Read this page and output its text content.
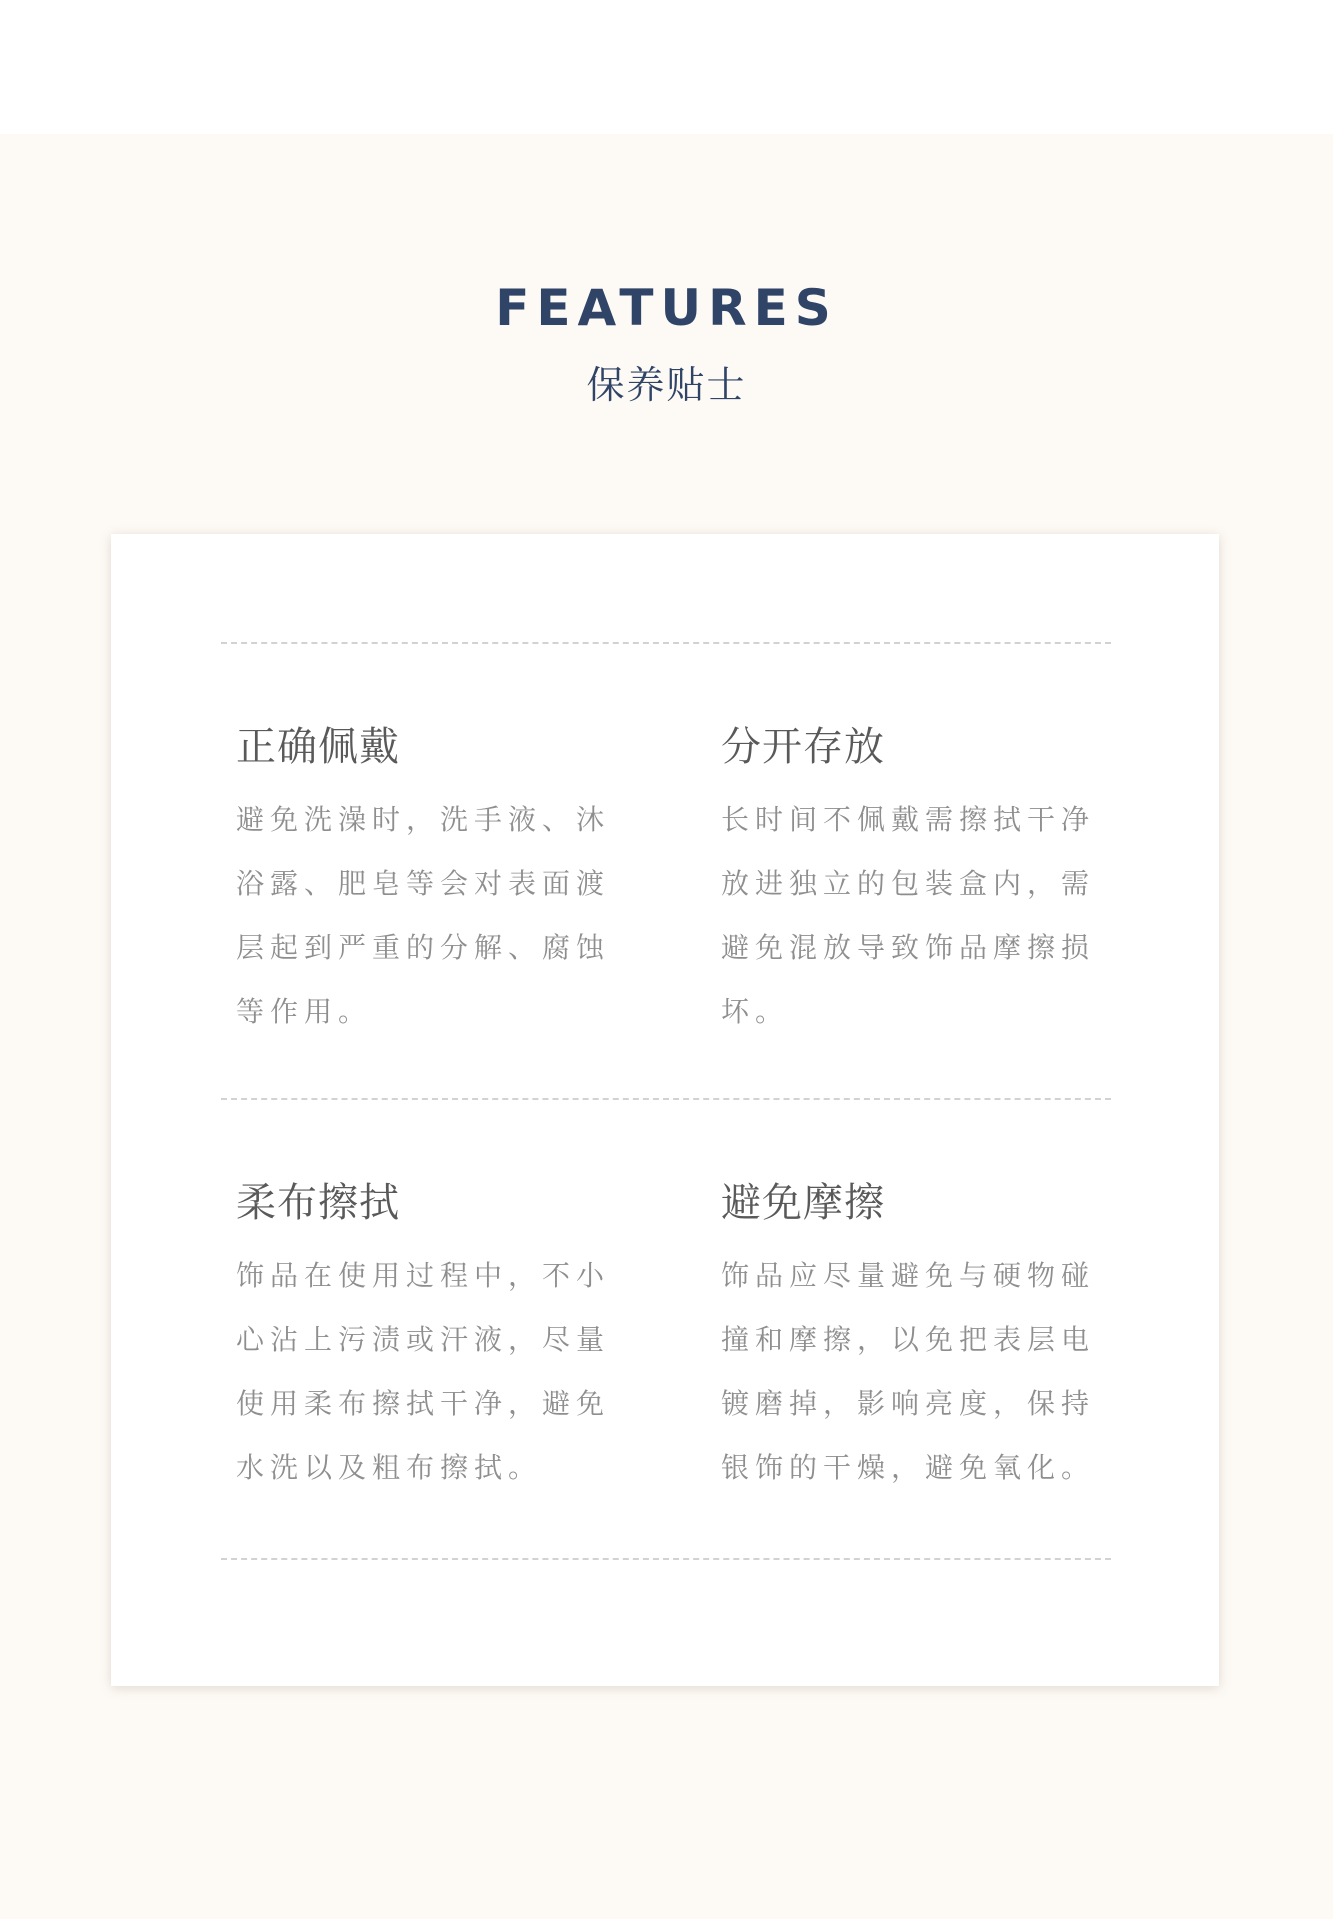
FEATURES
保养贴士
正确佩戴

避免洗澡时，洗手液、沐浴露、肥皂等会对表面渡层起到严重的分解、腐蚀等作用。

分开存放

长时间不佩戴需擦拭干净放进独立的包装盒内，需避免混放导致饰品摩擦损坏。

柔布擦拭

饰品在使用过程中，不小心沾上污渍或汗液，尽量使用柔布擦拭干净，避免水洗以及粗布擦拭。

避免摩擦

饰品应尽量避免与硬物碰撞和摩擦，以免把表层电镀磨掉，影响亮度，保持银饰的干燥，避免氧化。
